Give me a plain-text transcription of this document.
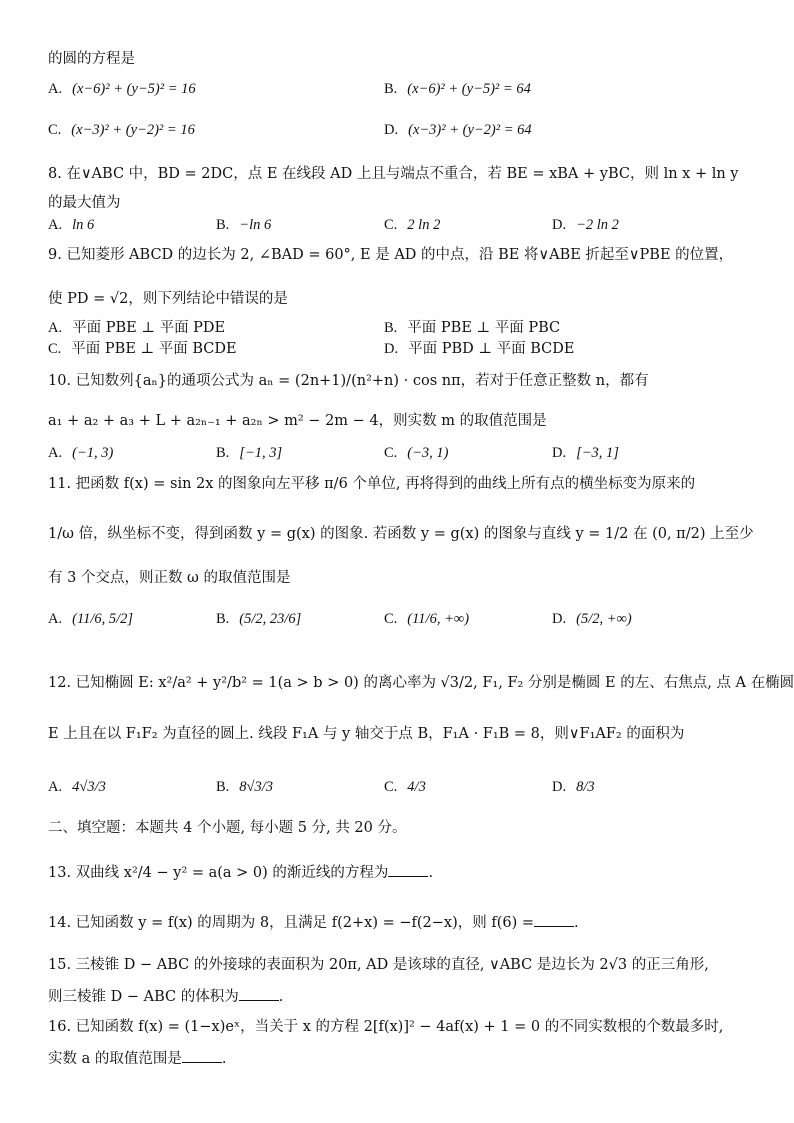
的圆的方程是
A. (x−6)² + (y−5)² = 16	B. (x−6)² + (y−5)² = 64
C. (x−3)² + (y−2)² = 16	D. (x−3)² + (y−2)² = 64
8. 在∨ABC 中，BD = 2DC，点 E 在线段 AD 上且与端点不重合，若 BE = xBA + yBC，则 ln x + ln y
的最大值为
A. ln 6	B. −ln 6	C. 2 ln 2	D. −2 ln 2
9. 已知菱形 ABCD 的边长为 2, ∠BAD = 60°, E 是 AD 的中点，沿 BE 将∨ABE 折起至∨PBE 的位置，
使 PD = √2，则下列结论中错误的是
A. 平面 PBE ⊥ 平面 PDE	B. 平面 PBE ⊥ 平面 PBC
C. 平面 PBE ⊥ 平面 BCDE	D. 平面 PBD ⊥ 平面 BCDE
10. 已知数列{aₙ}的通项公式为 aₙ = (2n+1)/(n²+n) · cos nπ，若对于任意正整数 n，都有
a₁ + a₂ + a₃ + L + a₂ₙ₋₁ + a₂ₙ > m² − 2m − 4，则实数 m 的取值范围是
A. (−1, 3)	B. [−1, 3]	C. (−3, 1)	D. [−3, 1]
11. 把函数 f(x) = sin 2x 的图象向左平移 π/6 个单位, 再将得到的曲线上所有点的横坐标变为原来的
1/ω 倍，纵坐标不变，得到函数 y = g(x) 的图象. 若函数 y = g(x) 的图象与直线 y = 1/2 在 (0, π/2) 上至少
有 3 个交点，则正数 ω 的取值范围是
A. (11/6, 5/2]	B. (5/2, 23/6]	C. (11/6, +∞)	D. (5/2, +∞)
12. 已知椭圆 E: x²/a² + y²/b² = 1(a > b > 0) 的离心率为 √3/2, F₁, F₂ 分别是椭圆 E 的左、右焦点, 点 A 在椭圆
E 上且在以 F₁F₂ 为直径的圆上. 线段 F₁A 与 y 轴交于点 B，F₁A · F₁B = 8，则∨F₁AF₂ 的面积为
A. 4√3/3	B. 8√3/3	C. 4/3	D. 8/3
二、填空题：本题共 4 个小题, 每小题 5 分, 共 20 分。
13. 双曲线 x²/4 − y² = a(a > 0) 的渐近线的方程为	.
14. 已知函数 y = f(x) 的周期为 8，且满足 f(2+x) = −f(2−x)，则 f(6) =	.
15. 三棱锥 D − ABC 的外接球的表面积为 20π, AD 是该球的直径, ∨ABC 是边长为 2√3 的正三角形,
则三棱锥 D − ABC 的体积为	.
16. 已知函数 f(x) = (1−x)eˣ，当关于 x 的方程 2[f(x)]² − 4af(x) + 1 = 0 的不同实数根的个数最多时,
实数 a 的取值范围是	.
